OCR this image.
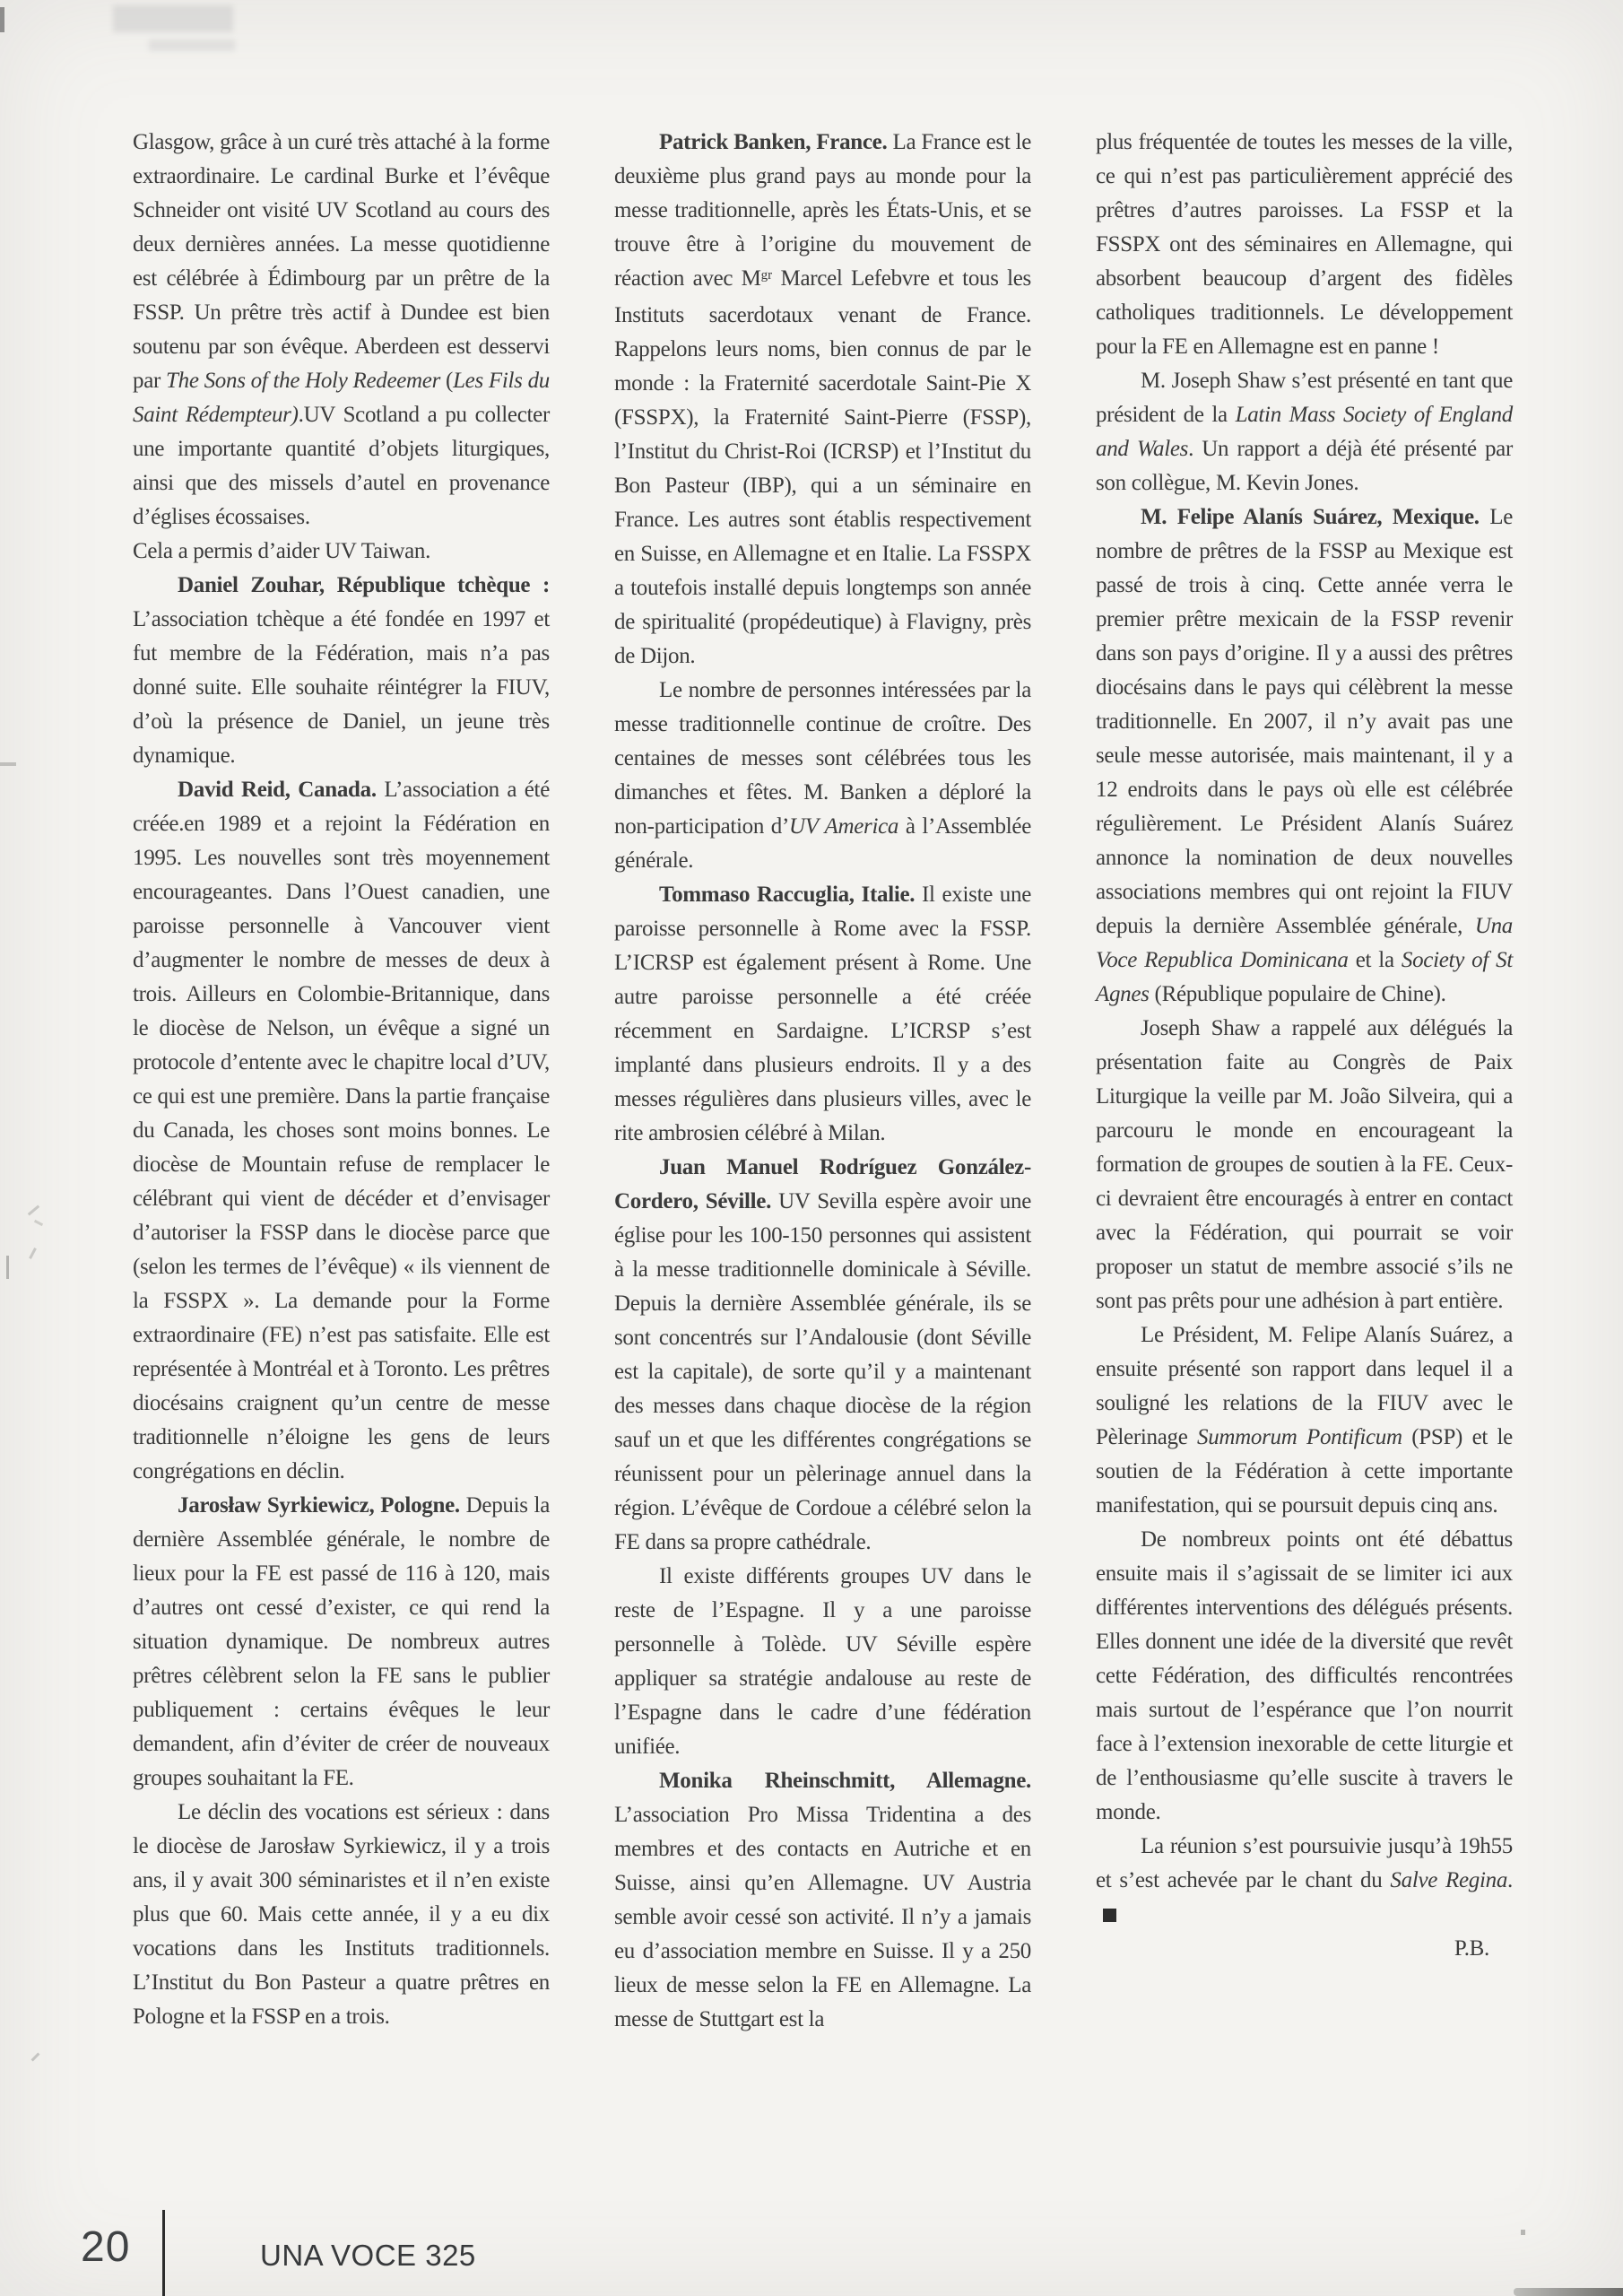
Glasgow, grâce à un curé très attaché à la forme extraordinaire. Le cardinal Burke et l’évêque Schneider ont visité UV Scotland au cours des deux dernières années. La messe quotidienne est célébrée à Édimbourg par un prêtre de la FSSP. Un prêtre très actif à Dundee est bien soutenu par son évêque. Aberdeen est desservi par The Sons of the Holy Redeemer (Les Fils du Saint Rédempteur).UV Scotland a pu collecter une importante quantité d’objets liturgiques, ainsi que des missels d’autel en provenance d’églises écossaises.

Cela a permis d’aider UV Taiwan.

Daniel Zouhar, République tchèque : L’association tchèque a été fondée en 1997 et fut membre de la Fédération, mais n’a pas donné suite. Elle souhaite réintégrer la FIUV, d’où la présence de Daniel, un jeune très dynamique.

David Reid, Canada. L’association a été créée.en 1989 et a rejoint la Fédération en 1995. Les nouvelles sont très moyennement encourageantes. Dans l’Ouest canadien, une paroisse personnelle à Vancouver vient d’augmenter le nombre de messes de deux à trois. Ailleurs en Colombie-Britannique, dans le diocèse de Nelson, un évêque a signé un protocole d’entente avec le chapitre local d’UV, ce qui est une première. Dans la partie française du Canada, les choses sont moins bonnes. Le diocèse de Mountain refuse de remplacer le célébrant qui vient de décéder et d’envisager d’autoriser la FSSP dans le diocèse parce que (selon les termes de l’évêque) « ils viennent de la FSSPX ». La demande pour la Forme extraordinaire (FE) n’est pas satisfaite. Elle est représentée à Montréal et à Toronto. Les prêtres diocésains craignent qu’un centre de messe traditionnelle n’éloigne les gens de leurs congrégations en déclin.

Jarosław Syrkiewicz, Pologne. Depuis la dernière Assemblée générale, le nombre de lieux pour la FE est passé de 116 à 120, mais d’autres ont cessé d’exister, ce qui rend la situation dynamique. De nombreux autres prêtres célèbrent selon la FE sans le publier publiquement : certains évêques le leur demandent, afin d’éviter de créer de nouveaux groupes souhaitant la FE.

Le déclin des vocations est sérieux : dans le diocèse de Jarosław Syrkiewicz, il y a trois ans, il y avait 300 séminaristes et il n’en existe plus que 60. Mais cette année, il y a eu dix vocations dans les Instituts traditionnels. L’Institut du Bon Pasteur a quatre prêtres en Pologne et la FSSP en a trois.

Patrick Banken, France. La France est le deuxième plus grand pays au monde pour la messe traditionnelle, après les États-Unis, et se trouve être à l’origine du mouvement de réaction avec $M^{gr}$ Marcel Lefebvre et tous les Instituts sacerdotaux venant de France. Rappelons leurs noms, bien connus de par le monde : la Fraternité sacerdotale Saint-Pie X (FSSPX), la Fraternité Saint-Pierre (FSSP), l’Institut du Christ-Roi (ICRSP) et l’Institut du Bon Pasteur (IBP), qui a un séminaire en France. Les autres sont établis respectivement en Suisse, en Allemagne et en Italie. La FSSPX a toutefois installé depuis longtemps son année de spiritualité (propédeutique) à Flavigny, près de Dijon.

Le nombre de personnes intéressées par la messe traditionnelle continue de croître. Des centaines de messes sont célébrées tous les dimanches et fêtes. M. Banken a déploré la non-participation d’UV America à l’Assemblée générale.

Tommaso Raccuglia, Italie. Il existe une paroisse personnelle à Rome avec la FSSP. L’ICRSP est également présent à Rome. Une autre paroisse personnelle a été créée récemment en Sardaigne. L’ICRSP s’est implanté dans plusieurs endroits. Il y a des messes régulières dans plusieurs villes, avec le rite ambrosien célébré à Milan.

Juan Manuel Rodríguez González-Cordero, Séville. UV Sevilla espère avoir une église pour les 100-150 personnes qui assistent à la messe traditionnelle dominicale à Séville. Depuis la dernière Assemblée générale, ils se sont concentrés sur l’Andalousie (dont Séville est la capitale), de sorte qu’il y a maintenant des messes dans chaque diocèse de la région sauf un et que les différentes congrégations se réunissent pour un pèlerinage annuel dans la région. L’évêque de Cordoue a célébré selon la FE dans sa propre cathédrale.

Il existe différents groupes UV dans le reste de l’Espagne. Il y a une paroisse personnelle à Tolède. UV Séville espère appliquer sa stratégie andalouse au reste de l’Espagne dans le cadre d’une fédération unifiée.

Monika Rheinschmitt, Allemagne. L’association Pro Missa Tridentina a des membres et des contacts en Autriche et en Suisse, ainsi qu’en Allemagne. UV Austria semble avoir cessé son activité. Il n’y a jamais eu d’association membre en Suisse. Il y a 250 lieux de messe selon la FE en Allemagne. La messe de Stuttgart est la

plus fréquentée de toutes les messes de la ville, ce qui n’est pas particulièrement apprécié des prêtres d’autres paroisses. La FSSP et la FSSPX ont des séminaires en Allemagne, qui absorbent beaucoup d’argent des fidèles catholiques traditionnels. Le développement pour la FE en Allemagne est en panne !

M. Joseph Shaw s’est présenté en tant que président de la Latin Mass Society of England and Wales. Un rapport a déjà été présenté par son collègue, M. Kevin Jones.

M. Felipe Alanís Suárez, Mexique. Le nombre de prêtres de la FSSP au Mexique est passé de trois à cinq. Cette année verra le premier prêtre mexicain de la FSSP revenir dans son pays d’origine. Il y a aussi des prêtres diocésains dans le pays qui célèbrent la messe traditionnelle. En 2007, il n’y avait pas une seule messe autorisée, mais maintenant, il y a 12 endroits dans le pays où elle est célébrée régulièrement. Le Président Alanís Suárez annonce la nomination de deux nouvelles associations membres qui ont rejoint la FIUV depuis la dernière Assemblée générale, Una Voce Republica Dominicana et la Society of St Agnes (République populaire de Chine).

Joseph Shaw a rappelé aux délégués la présentation faite au Congrès de Paix Liturgique la veille par M. João Silveira, qui a parcouru le monde en encourageant la formation de groupes de soutien à la FE. Ceux-ci devraient être encouragés à entrer en contact avec la Fédération, qui pourrait se voir proposer un statut de membre associé s’ils ne sont pas prêts pour une adhésion à part entière.

Le Président, M. Felipe Alanís Suárez, a ensuite présenté son rapport dans lequel il a souligné les relations de la FIUV avec le Pèlerinage Summorum Pontificum (PSP) et le soutien de la Fédération à cette importante manifestation, qui se poursuit depuis cinq ans.

De nombreux points ont été débattus ensuite mais il s’agissait de se limiter ici aux différentes interventions des délégués présents. Elles donnent une idée de la diversité que revêt cette Fédération, des difficultés rencontrées mais surtout de l’espérance que l’on nourrit face à l’extension inexorable de cette liturgie et de l’enthousiasme qu’elle suscite à travers le monde.

La réunion s’est poursuivie jusqu’à 19h55 et s’est achevée par le chant du Salve Regina.

P.B.

20	UNA VOCE 325
